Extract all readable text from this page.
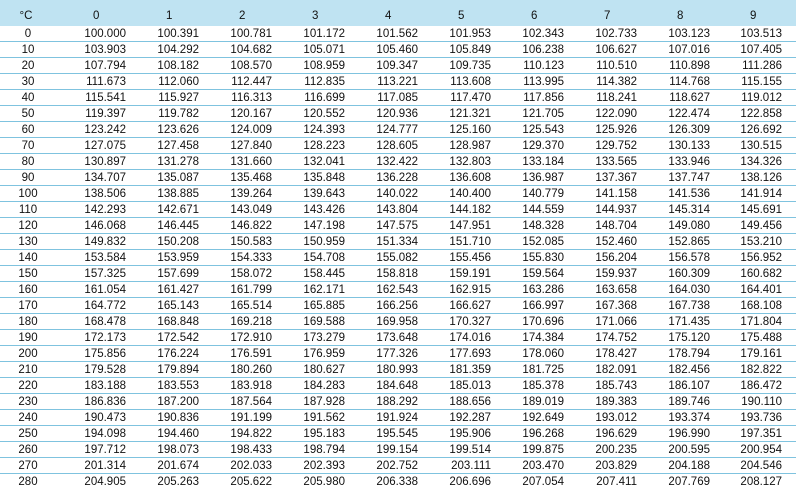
°C	0	1	2	3	4	5	6	7	8	9
0	100.000	100.391	100.781	101.172	101.562	101.953	102.343	102.733	103.123	103.513
10	103.903	104.292	104.682	105.071	105.460	105.849	106.238	106.627	107.016	107.405
20	107.794	108.182	108.570	108.959	109.347	109.735	110.123	110.510	110.898	111.286
30	111.673	112.060	112.447	112.835	113.221	113.608	113.995	114.382	114.768	115.155
40	115.541	115.927	116.313	116.699	117.085	117.470	117.856	118.241	118.627	119.012
50	119.397	119.782	120.167	120.552	120.936	121.321	121.705	122.090	122.474	122.858
60	123.242	123.626	124.009	124.393	124.777	125.160	125.543	125.926	126.309	126.692
70	127.075	127.458	127.840	128.223	128.605	128.987	129.370	129.752	130.133	130.515
80	130.897	131.278	131.660	132.041	132.422	132.803	133.184	133.565	133.946	134.326
90	134.707	135.087	135.468	135.848	136.228	136.608	136.987	137.367	137.747	138.126
100	138.506	138.885	139.264	139.643	140.022	140.400	140.779	141.158	141.536	141.914
110	142.293	142.671	143.049	143.426	143.804	144.182	144.559	144.937	145.314	145.691
120	146.068	146.445	146.822	147.198	147.575	147.951	148.328	148.704	149.080	149.456
130	149.832	150.208	150.583	150.959	151.334	151.710	152.085	152.460	152.865	153.210
140	153.584	153.959	154.333	154.708	155.082	155.456	155.830	156.204	156.578	156.952
150	157.325	157.699	158.072	158.445	158.818	159.191	159.564	159.937	160.309	160.682
160	161.054	161.427	161.799	162.171	162.543	162.915	163.286	163.658	164.030	164.401
170	164.772	165.143	165.514	165.885	166.256	166.627	166.997	167.368	167.738	168.108
180	168.478	168.848	169.218	169.588	169.958	170.327	170.696	171.066	171.435	171.804
190	172.173	172.542	172.910	173.279	173.648	174.016	174.384	174.752	175.120	175.488
200	175.856	176.224	176.591	176.959	177.326	177.693	178.060	178.427	178.794	179.161
210	179.528	179.894	180.260	180.627	180.993	181.359	181.725	182.091	182.456	182.822
220	183.188	183.553	183.918	184.283	184.648	185.013	185.378	185.743	186.107	186.472
230	186.836	187.200	187.564	187.928	188.292	188.656	189.019	189.383	189.746	190.110
240	190.473	190.836	191.199	191.562	191.924	192.287	192.649	193.012	193.374	193.736
250	194.098	194.460	194.822	195.183	195.545	195.906	196.268	196.629	196.990	197.351
260	197.712	198.073	198.433	198.794	199.154	199.514	199.875	200.235	200.595	200.954
270	201.314	201.674	202.033	202.393	202.752	203.111	203.470	203.829	204.188	204.546
280	204.905	205.263	205.622	205.980	206.338	206.696	207.054	207.411	207.769	208.127
